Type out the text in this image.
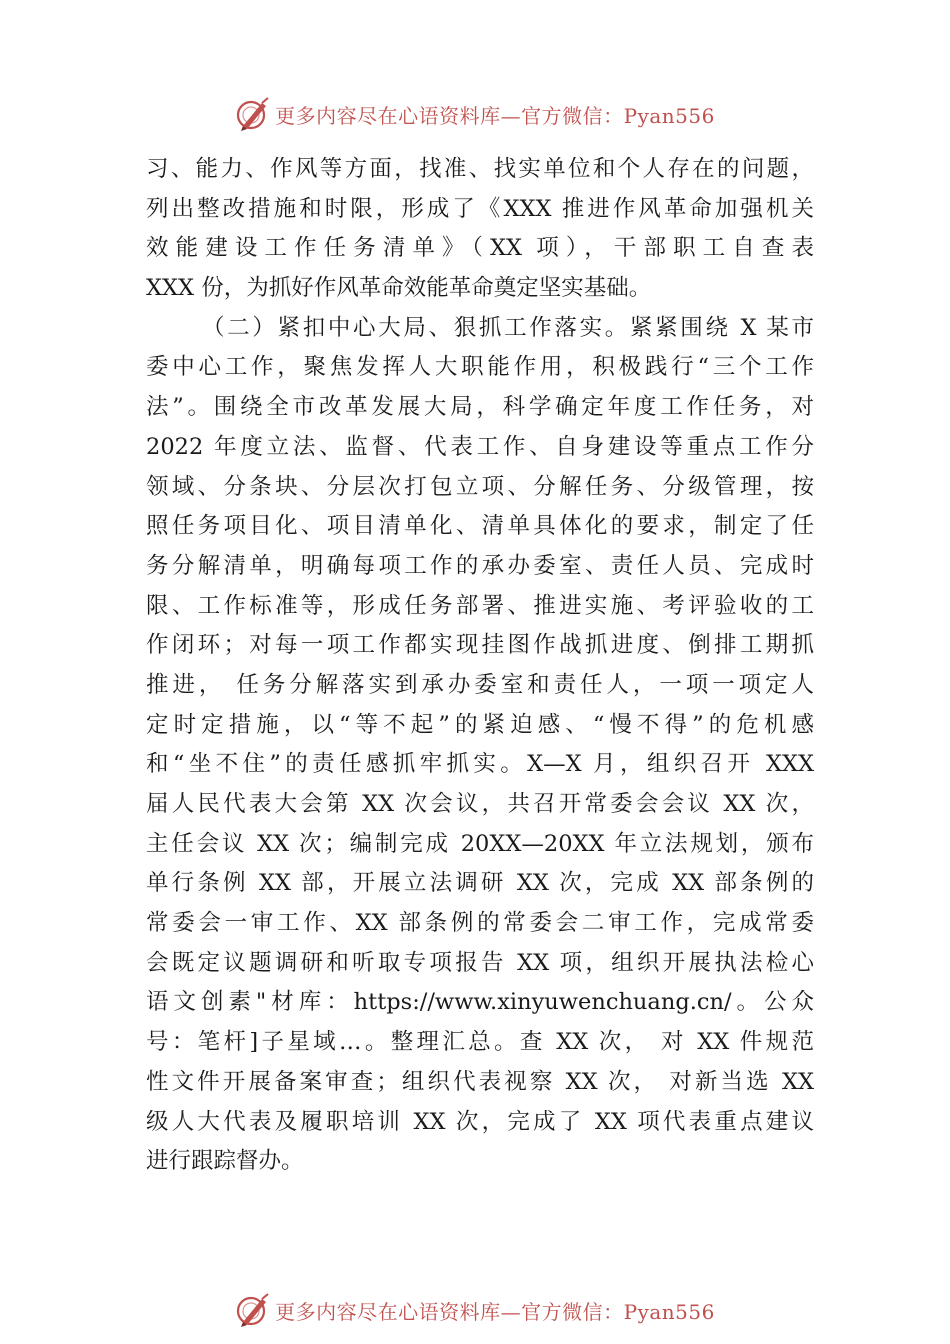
更多内容尽在心语资料库—官方微信：Pyan556
习、能力、作风等方面，找准、找实单位和个人存在的问题，
列出整改措施和时限，形成了《XXX 推进作风革命加强机关
效能建设工作任务清单》（XX 项），干部职工自查表
XXX 份，为抓好作风革命效能革命奠定坚实基础。
（二）紧扣中心大局、狠抓工作落实。紧紧围绕 X 某市
委中心工作，聚焦发挥人大职能作用，积极践行“三个工作
法”。围绕全市改革发展大局，科学确定年度工作任务，对
2022 年度立法、监督、代表工作、自身建设等重点工作分
领域、分条块、分层次打包立项、分解任务、分级管理，按
照任务项目化、项目清单化、清单具体化的要求，制定了任
务分解清单，明确每项工作的承办委室、责任人员、完成时
限、工作标准等，形成任务部署、推进实施、考评验收的工
作闭环；对每一项工作都实现挂图作战抓进度、倒排工期抓
推进， 任务分解落实到承办委室和责任人，一项一项定人
定时定措施，以“等不起”的紧迫感、“慢不得”的危机感
和“坐不住”的责任感抓牢抓实。X—X 月，组织召开 XXX
届人民代表大会第 XX 次会议，共召开常委会会议 XX 次，
主任会议 XX 次；编制完成 20XX—20XX 年立法规划，颁布
单行条例 XX 部，开展立法调研 XX 次，完成 XX 部条例的
常委会一审工作、XX 部条例的常委会二审工作，完成常委
会既定议题调研和听取专项报告 XX 项，组织开展执法检心
语文创素"材库：https://www.xinyuwenchuang.cn/。公众
号：笔杆]子星域…。整理汇总。查 XX 次， 对 XX 件规范
性文件开展备案审查；组织代表视察 XX 次， 对新当选 XX
级人大代表及履职培训 XX 次，完成了 XX 项代表重点建议
进行跟踪督办。
更多内容尽在心语资料库—官方微信：Pyan556
